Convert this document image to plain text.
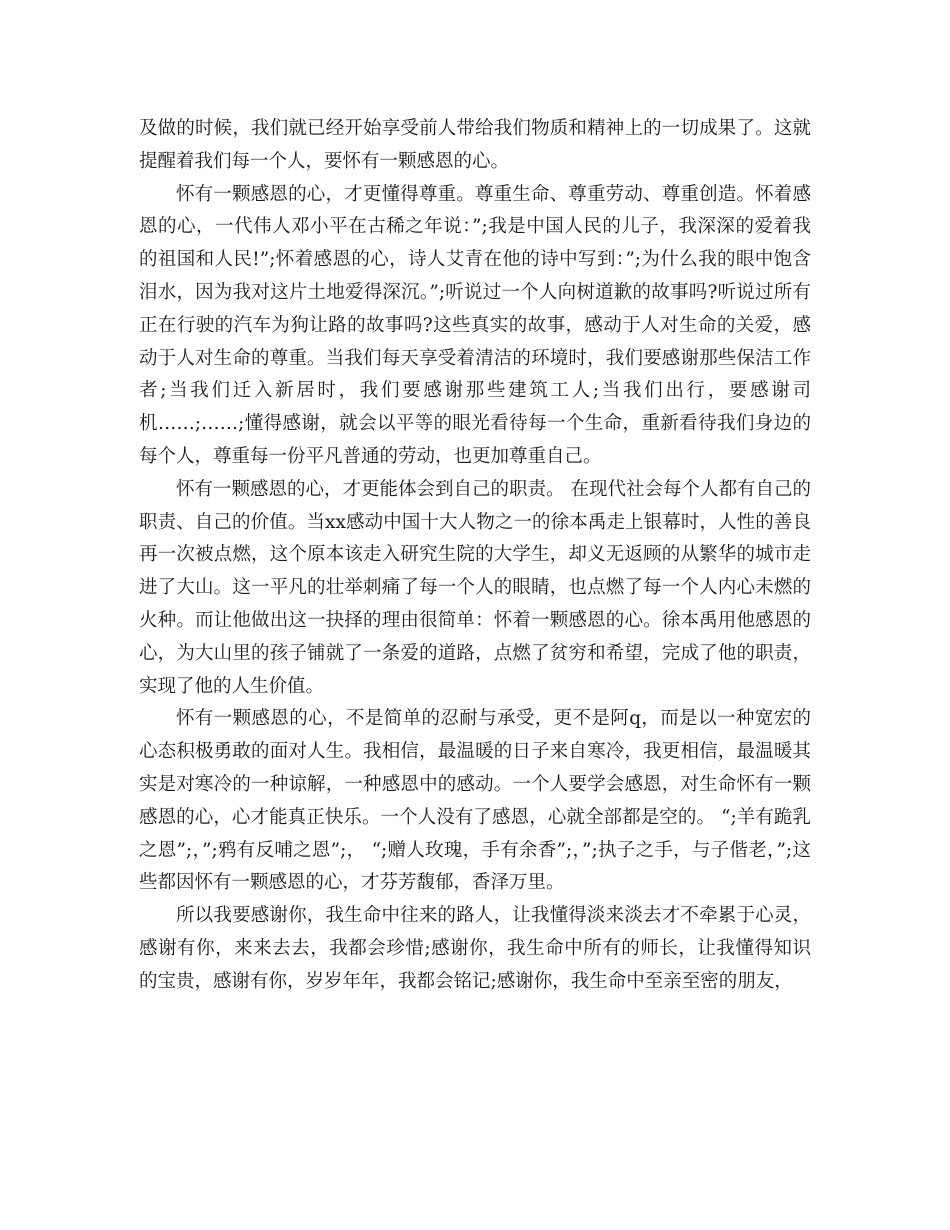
及做的时候，我们就已经开始享受前人带给我们物质和精神上的一切成果了。这就提醒着我们每一个人，要怀有一颗感恩的心。

怀有一颗感恩的心，才更懂得尊重。尊重生命、尊重劳动、尊重创造。怀着感恩的心，一代伟人邓小平在古稀之年说：”;我是中国人民的儿子，我深深的爱着我的祖国和人民!”;怀着感恩的心，诗人艾青在他的诗中写到：”;为什么我的眼中饱含泪水，因为我对这片土地爱得深沉。”;听说过一个人向树道歉的故事吗?听说过所有正在行驶的汽车为狗让路的故事吗?这些真实的故事，感动于人对生命的关爱，感动于人对生命的尊重。当我们每天享受着清洁的环境时，我们要感谢那些保洁工作者;当我们迁入新居时，我们要感谢那些建筑工人;当我们出行，要感谢司机……;……;懂得感谢，就会以平等的眼光看待每一个生命，重新看待我们身边的每个人，尊重每一份平凡普通的劳动，也更加尊重自己。

怀有一颗感恩的心，才更能体会到自己的职责。 在现代社会每个人都有自己的职责、自己的价值。当xx感动中国十大人物之一的徐本禹走上银幕时，人性的善良再一次被点燃，这个原本该走入研究生院的大学生，却义无返顾的从繁华的城市走进了大山。这一平凡的壮举刺痛了每一个人的眼睛，也点燃了每一个人内心未燃的火种。而让他做出这一抉择的理由很简单：怀着一颗感恩的心。徐本禹用他感恩的心，为大山里的孩子铺就了一条爱的道路，点燃了贫穷和希望，完成了他的职责，实现了他的人生价值。

怀有一颗感恩的心，不是简单的忍耐与承受，更不是阿q，而是以一种宽宏的心态积极勇敢的面对人生。我相信，最温暖的日子来自寒冷，我更相信，最温暖其实是对寒冷的一种谅解，一种感恩中的感动。一个人要学会感恩，对生命怀有一颗感恩的心，心才能真正快乐。一个人没有了感恩，心就全部都是空的。 “;羊有跪乳之恩”;，”;鸦有反哺之恩”;， “;赠人玫瑰，手有余香”;，”;执子之手，与子偕老，”;这些都因怀有一颗感恩的心，才芬芳馥郁，香泽万里。

所以我要感谢你，我生命中往来的路人，让我懂得淡来淡去才不牵累于心灵，感谢有你，来来去去，我都会珍惜;感谢你，我生命中所有的师长，让我懂得知识的宝贵，感谢有你，岁岁年年，我都会铭记;感谢你，我生命中至亲至密的朋友，
